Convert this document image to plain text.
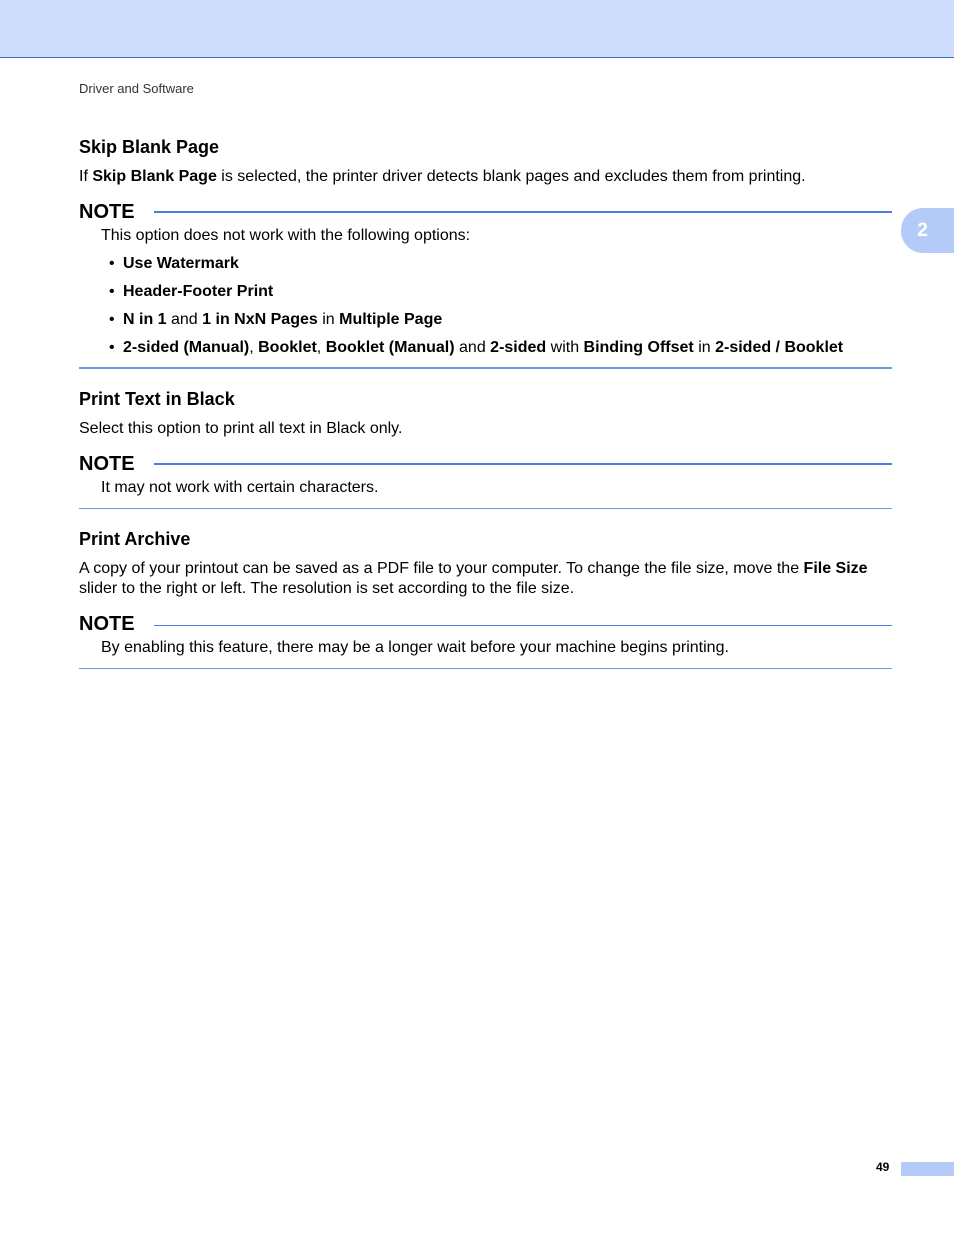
Driver and Software
2
Skip Blank Page
If Skip Blank Page is selected, the printer driver detects blank pages and excludes them from printing.
NOTE
This option does not work with the following options:
• Use Watermark
• Header-Footer Print
• N in 1 and 1 in NxN Pages in Multiple Page
• 2-sided (Manual), Booklet, Booklet (Manual) and 2-sided with Binding Offset in 2-sided / Booklet
Print Text in Black
Select this option to print all text in Black only.
NOTE
It may not work with certain characters.
Print Archive
A copy of your printout can be saved as a PDF file to your computer. To change the file size, move the File Size slider to the right or left. The resolution is set according to the file size.
NOTE
By enabling this feature, there may be a longer wait before your machine begins printing.
49
